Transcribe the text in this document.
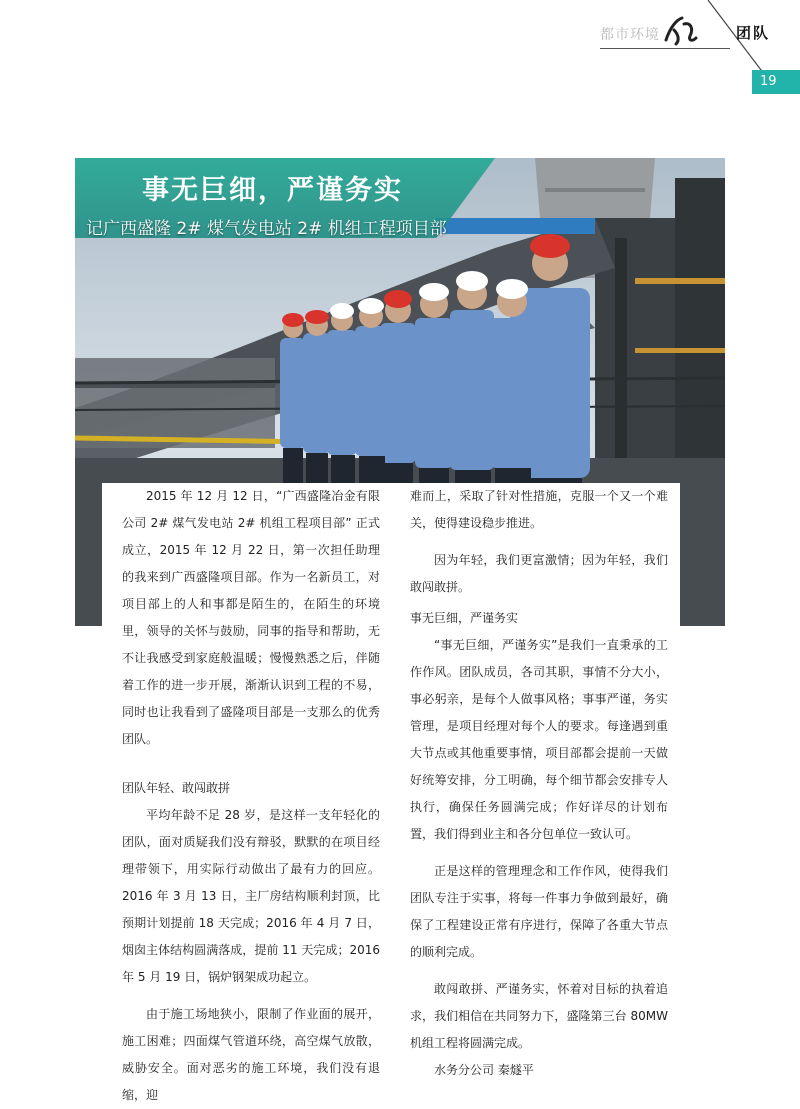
都市环境	团队
19
事无巨细，严谨务实
记广西盛隆 2# 煤气发电站 2# 机组工程项目部

2015 年 12 月 12 日，“广西盛隆冶金有限公司 2# 煤气发电站 2# 机组工程项目部” 正式成立，2015 年 12 月 22 日，第一次担任助理的我来到广西盛隆项目部。作为一名新员工，对项目部上的人和事都是陌生的，在陌生的环境里，领导的关怀与鼓励，同事的指导和帮助，无不让我感受到家庭般温暖；慢慢熟悉之后，伴随着工作的进一步开展，渐渐认识到工程的不易，同时也让我看到了盛隆项目部是一支那么的优秀团队。

团队年轻、敢闯敢拼

平均年龄不足 28 岁，是这样一支年轻化的团队，面对质疑我们没有辩驳，默默的在项目经理带领下，用实际行动做出了最有力的回应。2016 年 3 月 13 日，主厂房结构顺利封顶，比预期计划提前 18 天完成；2016 年 4 月 7 日，烟囱主体结构圆满落成，提前 11 天完成；2016 年 5 月 19 日，锅炉钢架成功起立。

由于施工场地狭小，限制了作业面的展开，施工困难；四面煤气管道环绕，高空煤气放散，威胁安全。面对恶劣的施工环境，我们没有退缩，迎

难而上，采取了针对性措施，克服一个又一个难关，使得建设稳步推进。

因为年轻，我们更富激情；因为年轻，我们敢闯敢拼。

事无巨细，严谨务实

“事无巨细，严谨务实”是我们一直秉承的工作作风。团队成员，各司其职，事情不分大小，事必躬亲，是每个人做事风格；事事严谨，务实管理，是项目经理对每个人的要求。每逢遇到重大节点或其他重要事情，项目部都会提前一天做好统筹安排，分工明确，每个细节都会安排专人执行，确保任务圆满完成；作好详尽的计划布置，我们得到业主和各分包单位一致认可。

正是这样的管理理念和工作作风，使得我们团队专注于实事，将每一件事力争做到最好，确保了工程建设正常有序进行，保障了各重大节点的顺利完成。

敢闯敢拼、严谨务实，怀着对目标的执着追求，我们相信在共同努力下，盛隆第三台 80MW 机组工程将圆满完成。

水务分公司 秦燧平
